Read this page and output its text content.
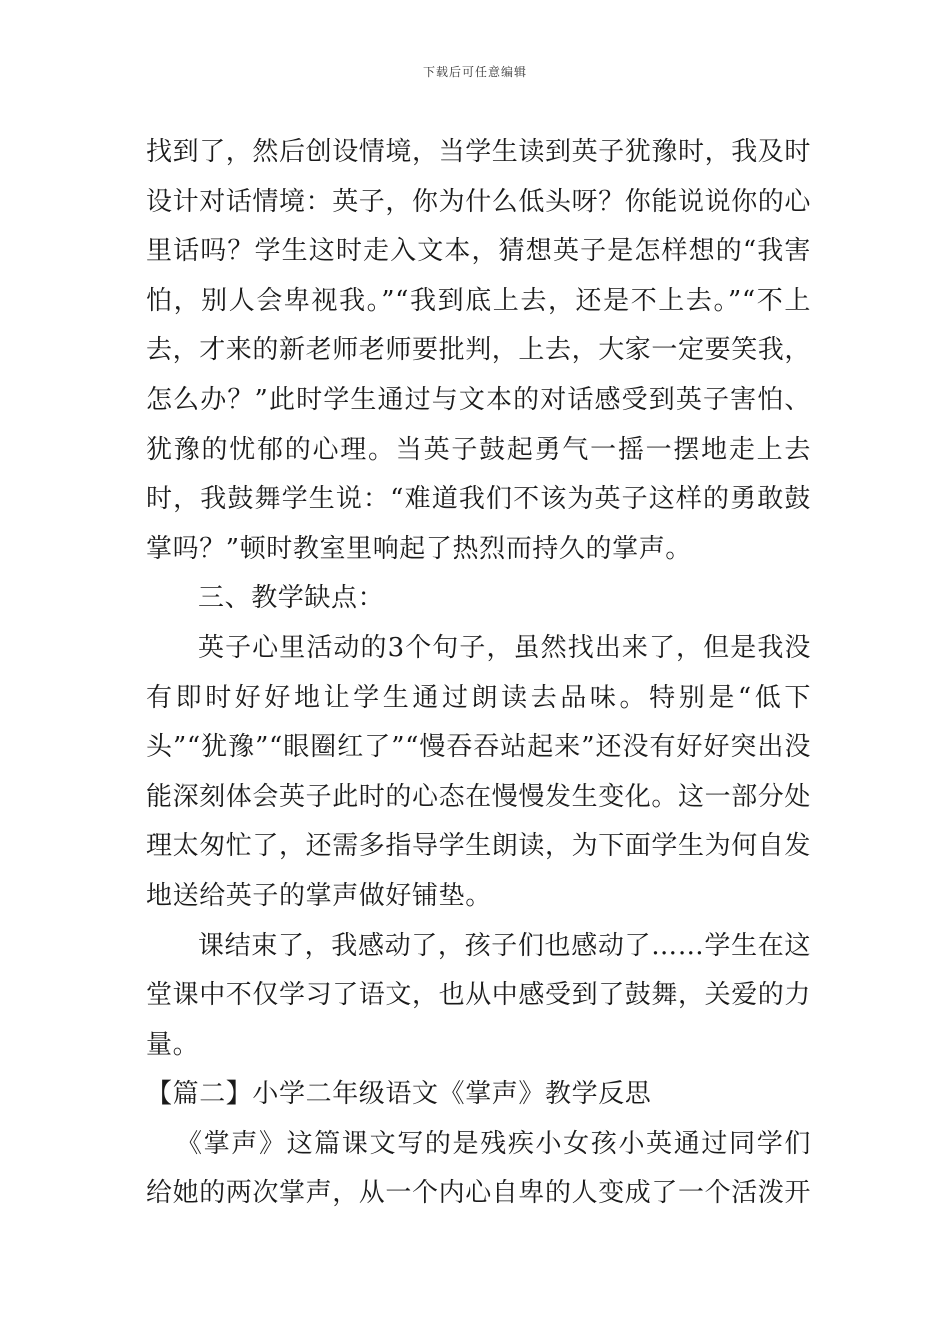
下载后可任意编辑

找到了，然后创设情境，当学生读到英子犹豫时，我及时设计对话情境：英子，你为什么低头呀？你能说说你的心里话吗？学生这时走入文本，猜想英子是怎样想的“我害怕，别人会卑视我。”“我到底上去，还是不上去。”“不上去，才来的新老师老师要批判，上去，大家一定要笑我，怎么办？”此时学生通过与文本的对话感受到英子害怕、犹豫的忧郁的心理。当英子鼓起勇气一摇一摆地走上去时，我鼓舞学生说：“难道我们不该为英子这样的勇敢鼓掌吗？”顿时教室里响起了热烈而持久的掌声。

三、教学缺点：

英子心里活动的3个句子，虽然找出来了，但是我没有即时好好地让学生通过朗读去品味。特别是“低下头”“犹豫”“眼圈红了”“慢吞吞站起来”还没有好好突出没能深刻体会英子此时的心态在慢慢发生变化。这一部分处理太匆忙了，还需多指导学生朗读，为下面学生为何自发地送给英子的掌声做好铺垫。

课结束了，我感动了，孩子们也感动了……学生在这堂课中不仅学习了语文，也从中感受到了鼓舞，关爱的力量。

【篇二】小学二年级语文《掌声》教学反思

《掌声》这篇课文写的是残疾小女孩小英通过同学们给她的两次掌声，从一个内心自卑的人变成了一个活泼开
